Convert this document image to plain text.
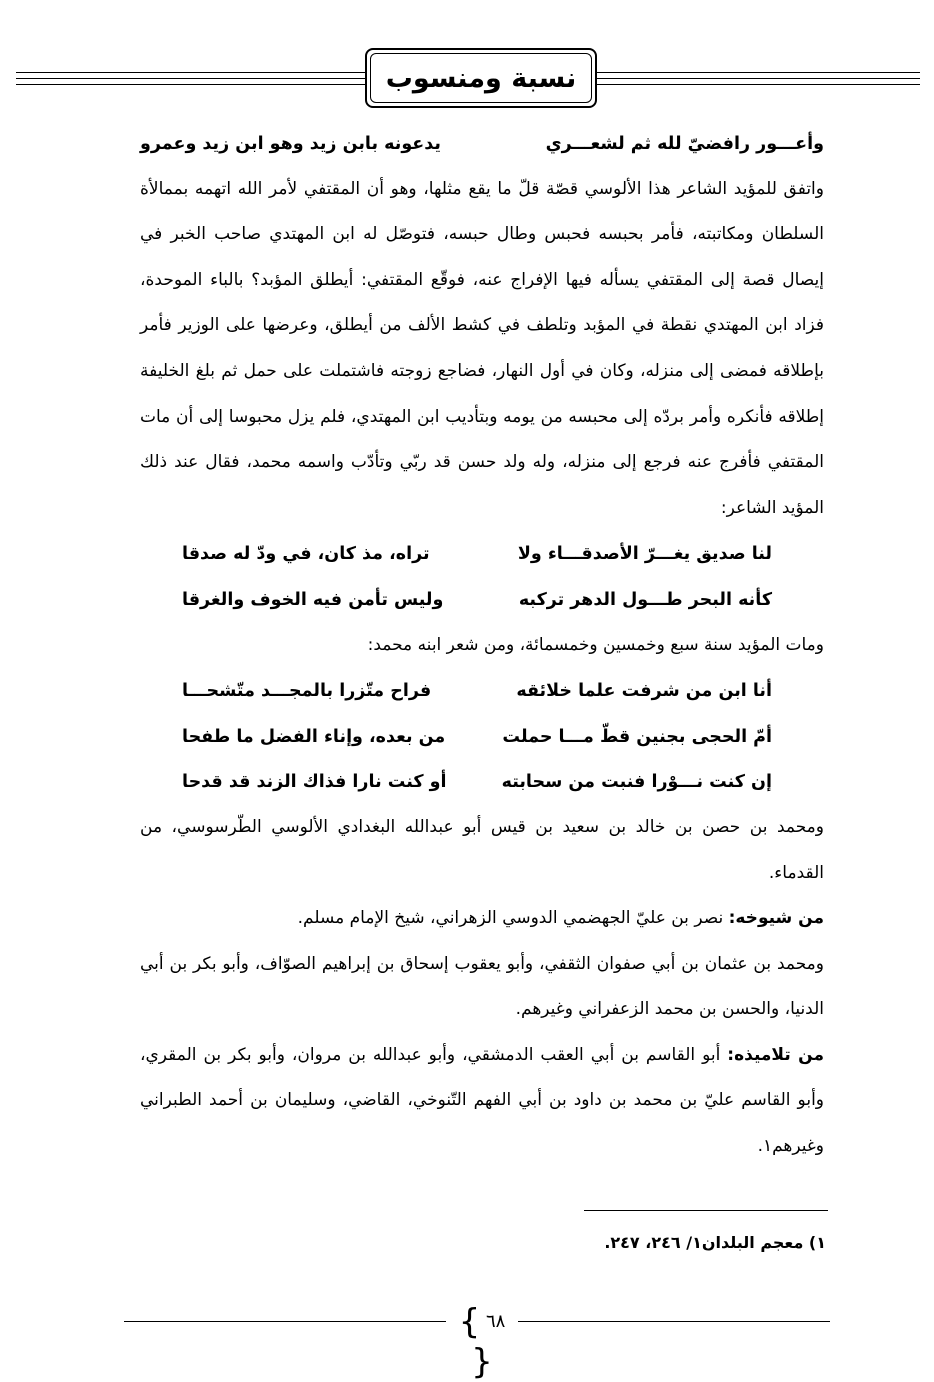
نسبة ومنسوب
وأعـــور رافضيّ لله ثم لشعـــري
يدعونه بابن زيد وهو ابن زيد وعمرو

واتفق للمؤيد الشاعر هذا الألوسي قصّة قلّ ما يقع مثلها، وهو أن المقتفي لأمر الله اتهمه بممالأة السلطان ومكاتبته، فأمر بحبسه فحبس وطال حبسه، فتوصّل له ابن المهتدي صاحب الخبر في إيصال قصة إلى المقتفي يسأله فيها الإفراج عنه، فوقّع المقتفي: أيطلق المؤبد؟ بالباء الموحدة، فزاد ابن المهتدي نقطة في المؤبد وتلطف في كشط الألف من أيطلق، وعرضها على الوزير فأمر بإطلاقه فمضى إلى منزله، وكان في أول النهار، فضاجع زوجته فاشتملت على حمل ثم بلغ الخليفة إطلاقه فأنكره وأمر بردّه إلى محبسه من يومه وبتأديب ابن المهتدي، فلم يزل محبوسا إلى أن مات المقتفي فأفرج عنه فرجع إلى منزله، وله ولد حسن قد ربّي وتأدّب واسمه محمد، فقال عند ذلك المؤيد الشاعر:

لنا صديق يغـــرّ الأصدقـــاء ولا
تراه، مذ كان، في ودّ له صدقا
كأنه البحر طـــول الدهر تركبه
وليس تأمن فيه الخوف والغرقا

ومات المؤيد سنة سبع وخمسين وخمسمائة، ومن شعر ابنه محمد:

أنا ابن من شرفت علما خلائقه
فراح متّزرا بالمجـــد متّشحـــا
أمّ الحجى بجنين قطّ مـــا حملت
من بعده، وإناء الفضل ما طفحا
إن كنت نـــوْرا فنبت من سحابته
أو كنت نارا فذاك الزند قد قدحا

ومحمد بن حصن بن خالد بن سعيد بن قيس أبو عبدالله البغدادي الألوسي الطّرسوسي، من القدماء.

من شيوخه: نصر بن عليّ الجهضمي الدوسي الزهراني، شيخ الإمام مسلم.

ومحمد بن عثمان بن أبي صفوان الثقفي، وأبو يعقوب إسحاق بن إبراهيم الصوّاف، وأبو بكر بن أبي الدنيا، والحسن بن محمد الزعفراني وغيرهم.

من تلاميذه: أبو القاسم بن أبي العقب الدمشقي، وأبو عبدالله بن مروان، وأبو بكر بن المقري، وأبو القاسم عليّ بن محمد بن داود بن أبي الفهم التّنوخي، القاضي، وسليمان بن أحمد الطبراني وغيرهم١.

١) معجم البلدان١/ ٢٤٦، ٢٤٧.
{ ٦٨ }
